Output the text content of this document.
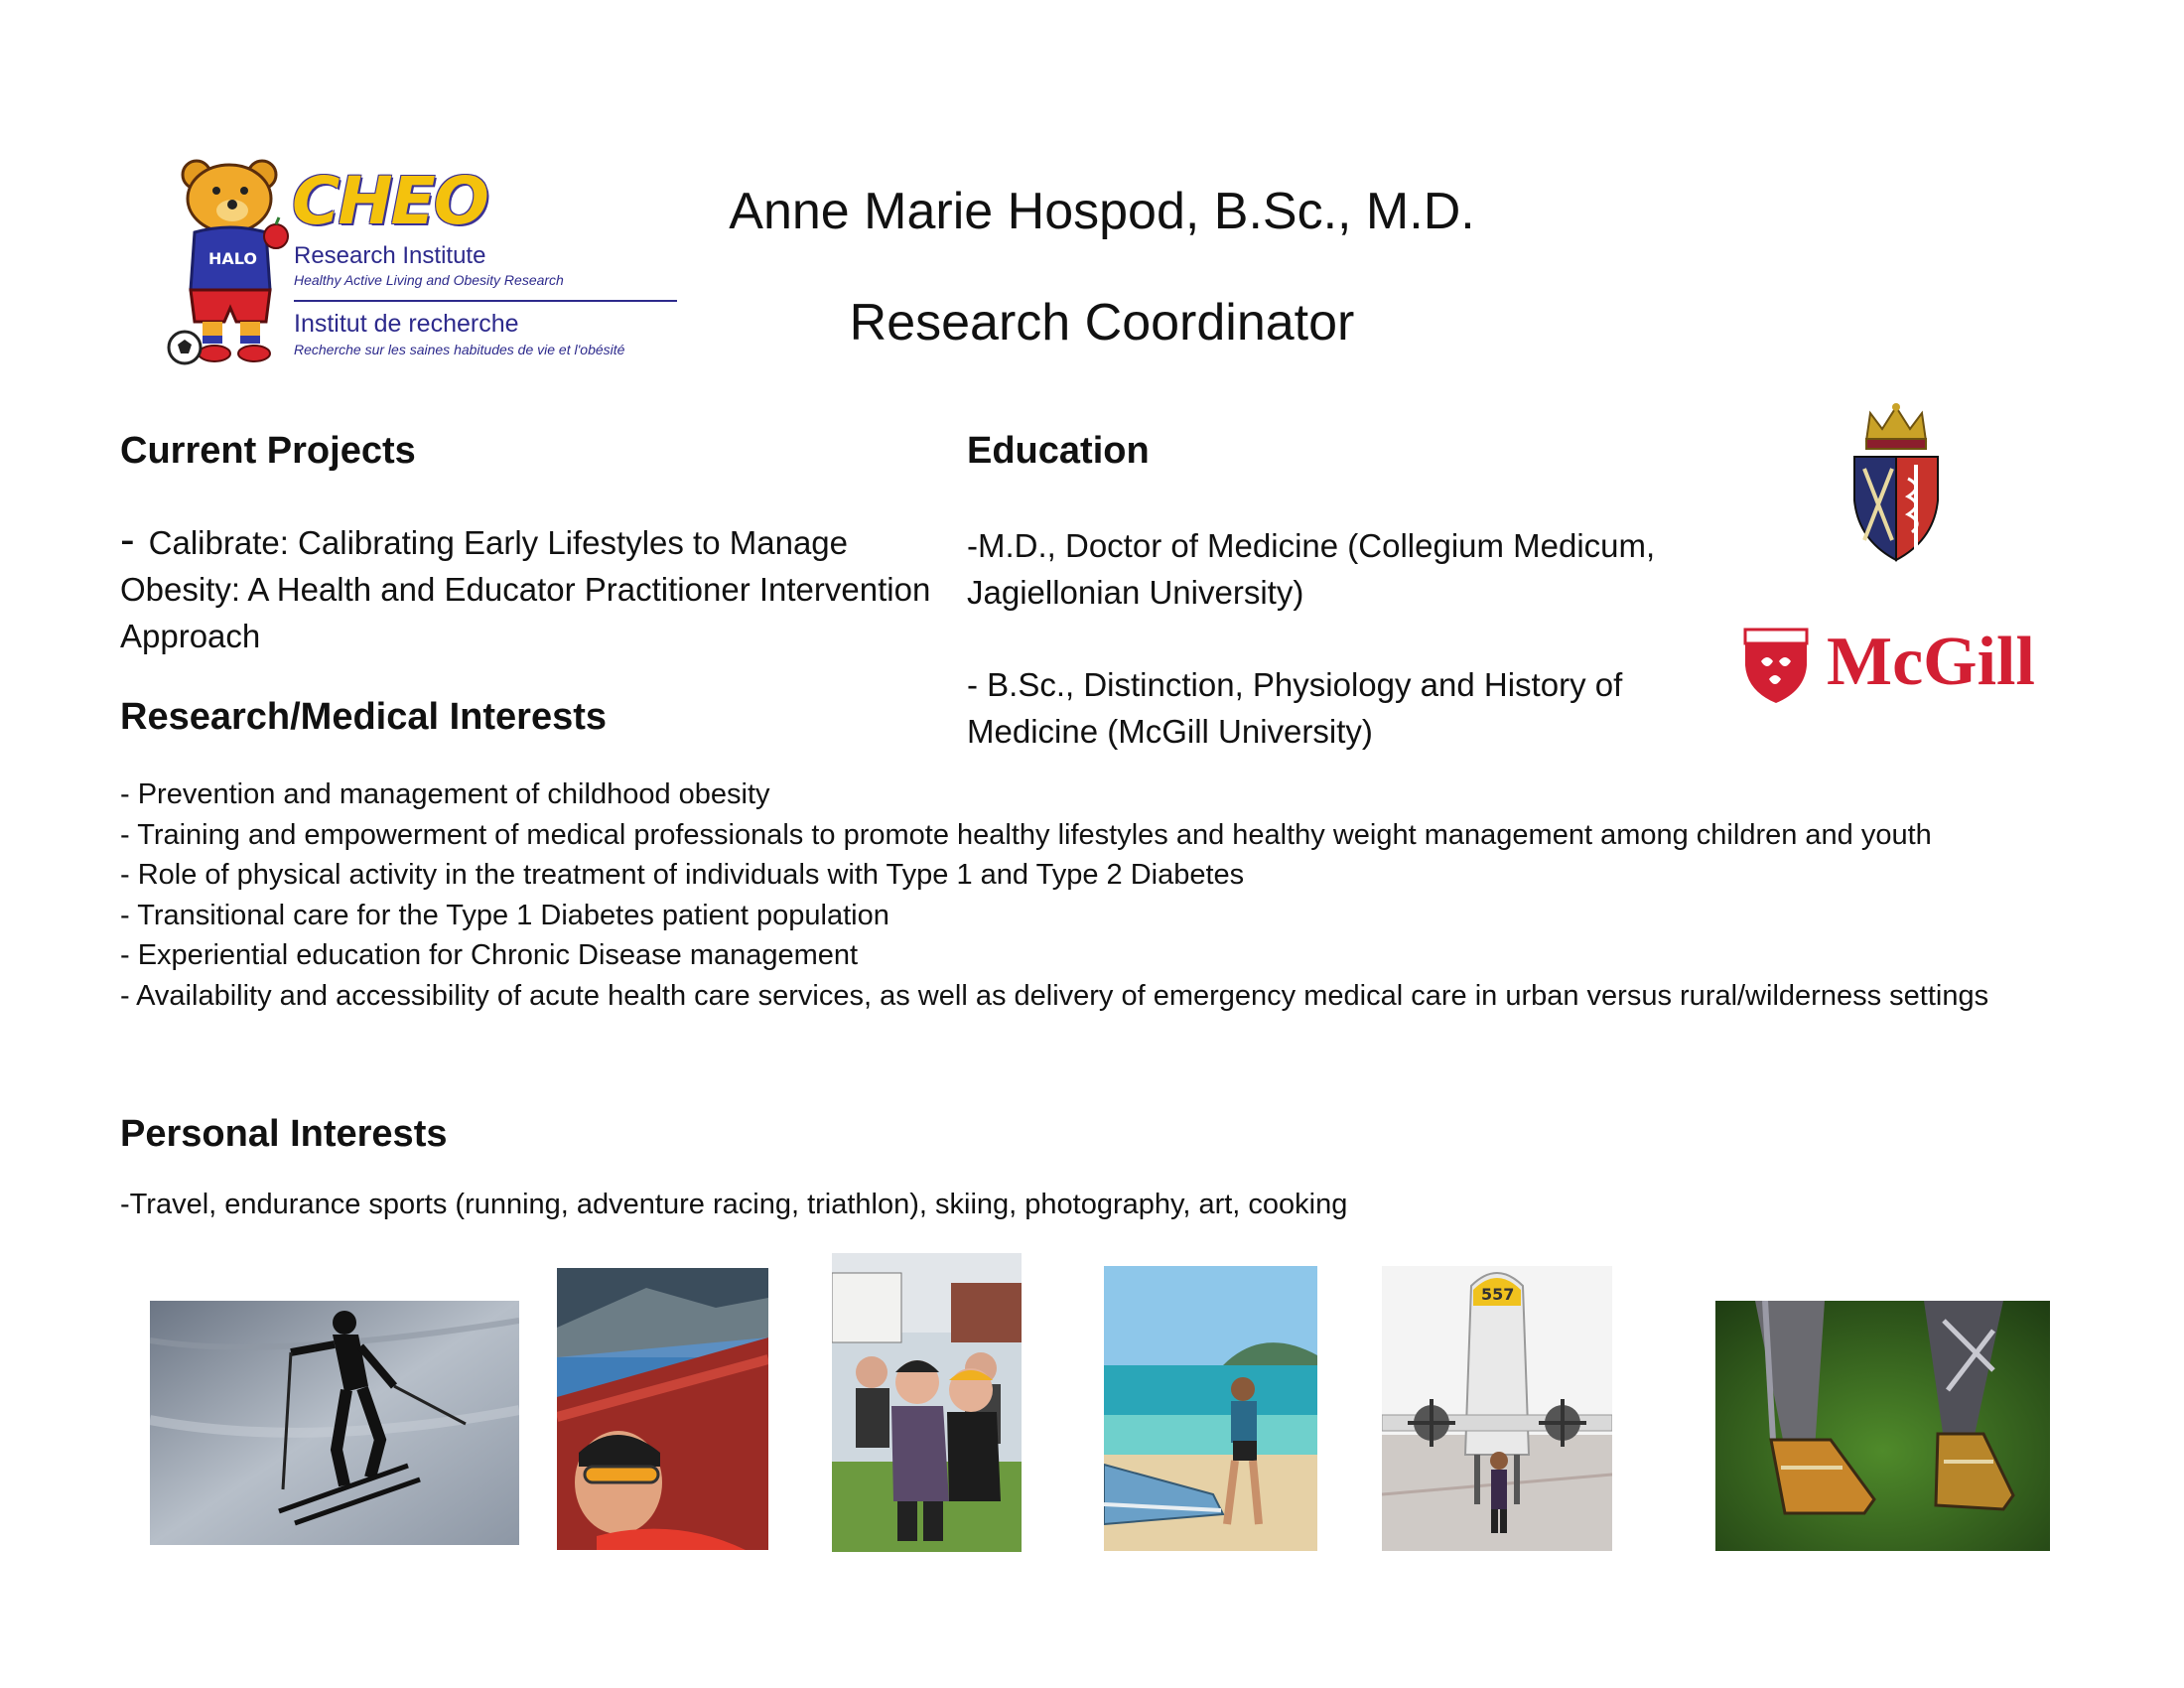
HALO
CHEO
Research Institute
Healthy Active Living and Obesity Research
Institut de recherche
Recherche sur les saines habitudes de vie et l'obésité
Anne Marie Hospod, B.Sc., M.D.
Research Coordinator
Current Projects
- Calibrate: Calibrating Early Lifestyles to Manage Obesity: A Health and Educator Practitioner Intervention Approach
Research/Medical Interests
- Prevention and management of childhood obesity
- Training and empowerment of medical professionals to promote healthy lifestyles and healthy weight management among children and youth
- Role of physical activity in the treatment of individuals with Type 1 and Type 2 Diabetes
- Transitional care for the Type 1 Diabetes patient population
- Experiential education for Chronic Disease management
- Availability and accessibility of acute health care services, as well as delivery of emergency medical care in urban versus rural/wilderness settings
Education
-M.D., Doctor of Medicine (Collegium Medicum, Jagiellonian University)
- B.Sc., Distinction, Physiology and History of Medicine (McGill University)
McGill
Personal Interests
-Travel, endurance sports (running, adventure racing, triathlon), skiing, photography, art, cooking
557
